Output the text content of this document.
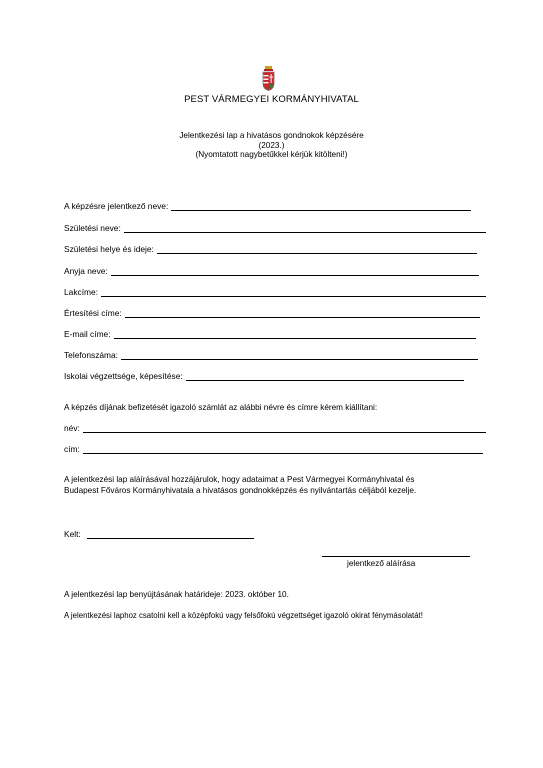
PEST VÁRMEGYEI KORMÁNYHIVATAL
Jelentkezési lap a hivatásos gondnokok képzésére
(2023.)
(Nyomtatott nagybetűkkel kérjük kitölteni!)
A képzésre jelentkező neve:
Születési neve:
Születési helye és ideje:
Anyja neve:
Lakcíme:
Értesítési címe:
E-mail címe:
Telefonszáma:
Iskolai végzettsége, képesítése:
A képzés díjának befizetését igazoló számlát az alábbi névre és címre kérem kiállítani:
név:
cím:
A jelentkezési lap aláírásával hozzájárulok, hogy adataimat a Pest Vármegyei Kormányhivatal és
Budapest Főváros Kormányhivatala a hivatásos gondnokképzés és nyilvántartás céljából kezelje.
Kelt:
jelentkező aláírása
A jelentkezési lap benyújtásának határideje: 2023. október 10.
A jelentkezési laphoz csatolni kell a középfokú vagy felsőfokú végzettséget igazoló okirat fénymásolatát!
